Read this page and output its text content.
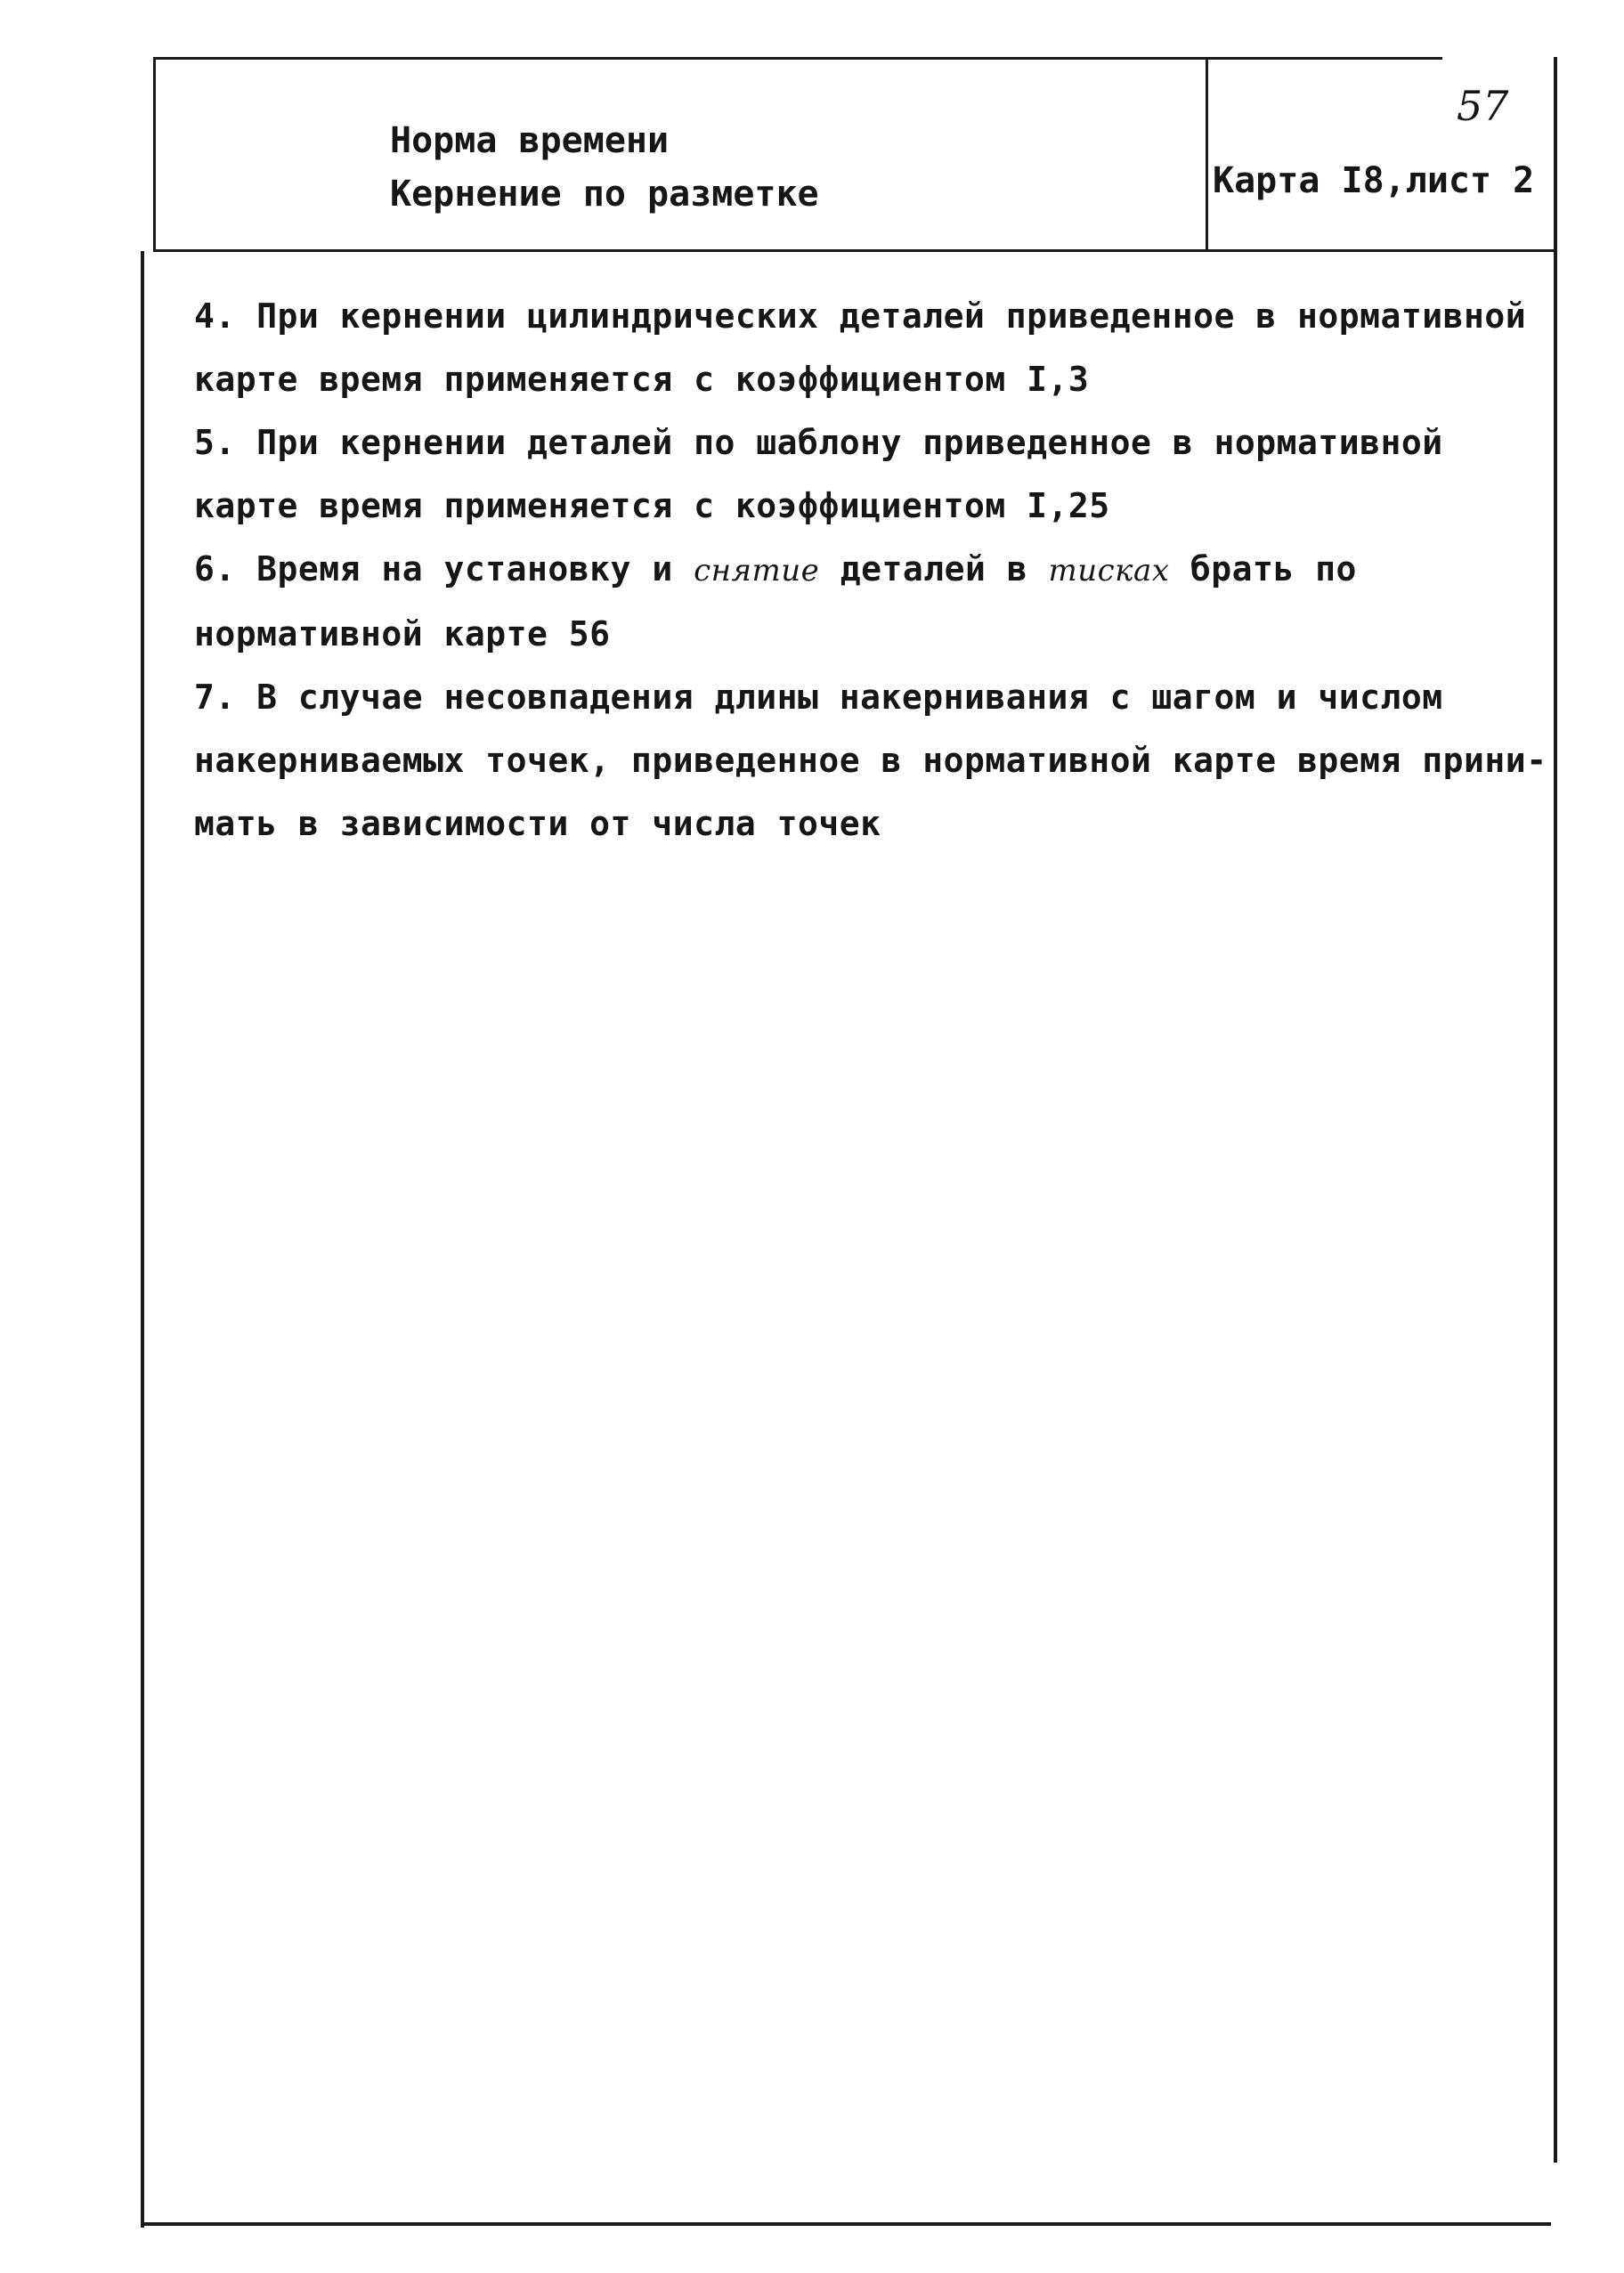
Норма времени
Кернение по разметке
57
Карта I8,лист 2

4. При кернении цилиндрических деталей приведенное в нормативной

карте время применяется с коэффициентом I,3

5. При кернении деталей по шаблону приведенное в нормативной

карте время применяется с коэффициентом I,25

6. Время на установку и снятие деталей в тисках брать по

нормативной карте 56

7. В случае несовпадения длины накернивания с шагом и числом

накерниваемых точек, приведенное в нормативной карте время прини-

мать в зависимости от числа точек
